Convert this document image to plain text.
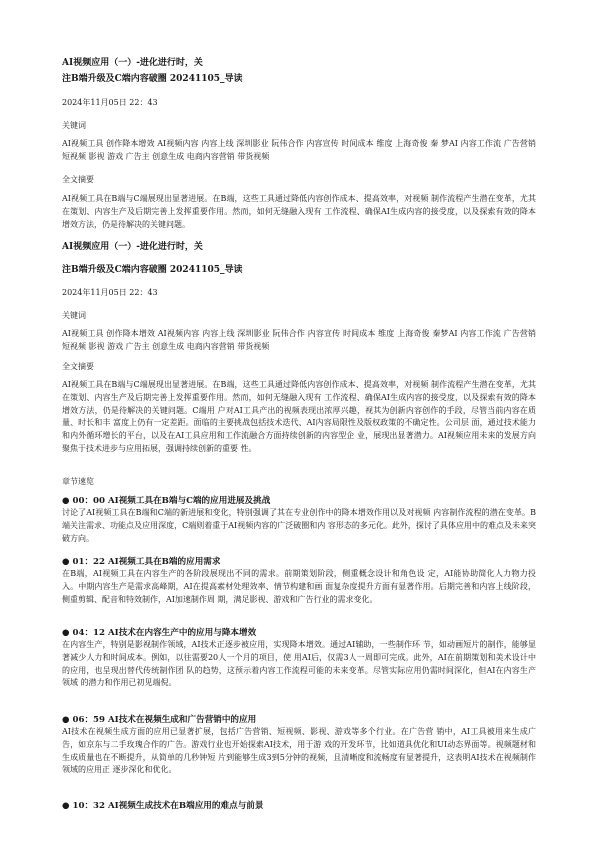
AI视频应用（一）-进化进行时，关
注B端升级及C端内容破圈 20241105_导读
2024年11月05日 22：43
关键词
AI视频工具 创作降本增效 AI视频内容 内容上线 深圳影业 阮伟合作 内容宣传 时间成本 维度 上海奇俊 秦 梦AI 内容工作流 广告营销 短视频 影视 游戏 广告主 创意生成 电商内容营销 带货视频
全文摘要
AI视频工具在B端与C端展现出显著进展。在B端，这些工具通过降低内容创作成本、提高效率，对视频 制作流程产生潜在变革，尤其在策划、内容生产及后期完善上发挥重要作用。然而，如何无缝融入现有 工作流程、确保AI生成内容的接受度，以及探索有效的降本增效方法，仍是待解决的关键问题。
AI视频应用（一）-进化进行时，关
注B端升级及C端内容破圈 20241105_导读
2024年11月05日 22：43
关键词
AI视频工具 创作降本增效 AI视频内容 内容上线 深圳影业 阮伟合作 内容宣传 时间成本 维度 上海奇俊 秦梦AI 内容工作流 广告营销 短视频 影视 游戏 广告主 创意生成 电商内容营销 带货视频
全文摘要
AI视频工具在B端与C端展现出显著进展。在B端，这些工具通过降低内容创作成本、提高效率，对视频 制作流程产生潜在变革，尤其在策划、内容生产及后期完善上发挥重要作用。然而，如何无缝融入现有 工作流程、确保AI生成内容的接受度，以及探索有效的降本增效方法，仍是待解决的关键问题。C端用 户对AI工具产出的视频表现出浓厚兴趣，视其为创新内容创作的手段，尽管当前内容在质量、时长和丰 富度上仍有一定差距。面临的主要挑战包括技术迭代、AI内容局限性及版权政策的不确定性。公司层 面，通过技术能力和内外循环增长的平台，以及在AI工具应用和工作流融合方面持续创新的内容型企 业，展现出显著潜力。AI视频应用未来的发展方向聚焦于技术进步与应用拓展，强调持续创新的重要 性。
章节速览
● 00：00 AI视频工具在B端与C端的应用进展及挑战
讨论了AI视频工具在B端和C端的新进展和变化，特别强调了其在专业创作中的降本增效作用以及对视频 内容制作流程的潜在变革。B端关注需求、功能点及应用深度，C端则着重于AI视频内容的广泛破圈和内 容形态的多元化。此外，探讨了具体应用中的难点及未来突破方向。
● 01：22 AI视频工具在B端的应用需求
在B端，AI视频工具在内容生产的各阶段展现出不同的需求。前期策划阶段，侧重概念设计和角色设 定，AI能协助简化人力物力投入。中期内容生产是需求高峰期，AI在提高素材处理效率、情节构建和画 面复杂度提升方面有显著作用。后期完善和内容上线阶段，侧重剪辑、配音和特效制作，AI加速制作周 期，满足影视、游戏和广告行业的需求变化。
● 04：12 AI技术在内容生产中的应用与降本增效
在内容生产，特别是影视制作领域，AI技术正逐步被应用，实现降本增效。通过AI辅助，一些制作环 节，如动画短片的制作，能够显著减少人力和时间成本。例如，以往需要20人一个月的项目，使 用AI后，仅需3人一周即可完成。此外，AI在前期策划和美术设计中的应用，也呈现出替代传统制作团 队的趋势，这预示着内容工作流程可能的未来变革。尽管实际应用仍需时间深化，但AI在内容生产领域 的潜力和作用已初见端倪。
● 06：59 AI技术在视频生成和广告营销中的应用
AI技术在视频生成方面的应用已显著扩展，包括广告营销、短视频、影视、游戏等多个行业。在广告营 销中，AI工具被用来生成广告，如京东与二手玫瑰合作的广告。游戏行业也开始探索AI技术，用于游 戏的开发环节，比如道具优化和UI动态界面等。视频题材和生成质量也在不断提升，从简单的几秒钟短 片到能够生成3到5分钟的视频，且清晰度和流畅度有显著提升，这表明AI技术在视频制作领域的应用正 逐步深化和优化。
● 10：32 AI视频生成技术在B端应用的难点与前景
